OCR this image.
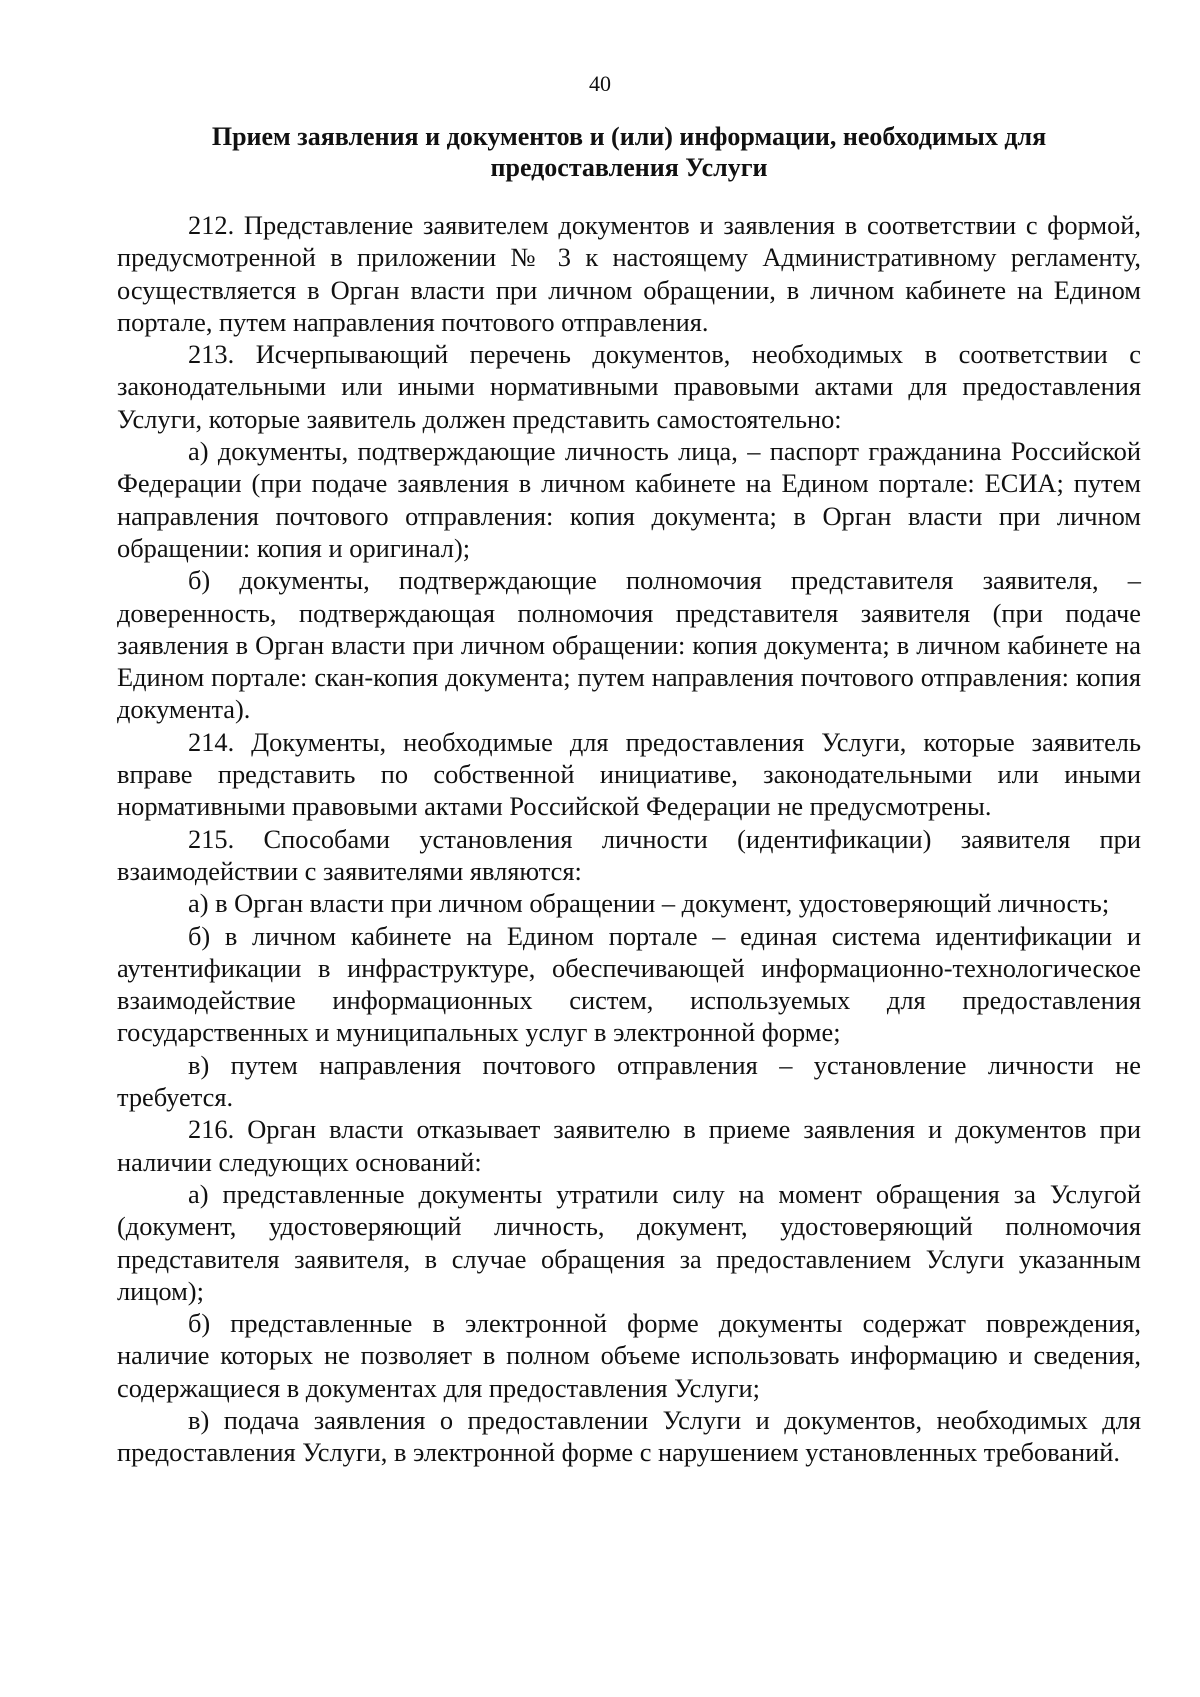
40
Прием заявления и документов и (или) информации, необходимых для предоставления Услуги

212. Представление заявителем документов и заявления в соответствии с формой, предусмотренной в приложении № 3 к настоящему Административному регламенту, осуществляется в Орган власти при личном обращении, в личном кабинете на Едином портале, путем направления почтового отправления.

213. Исчерпывающий перечень документов, необходимых в соответствии с законодательными или иными нормативными правовыми актами для предоставления Услуги, которые заявитель должен представить самостоятельно:

а) документы, подтверждающие личность лица, – паспорт гражданина Российской Федерации (при подаче заявления в личном кабинете на Едином портале: ЕСИА; путем направления почтового отправления: копия документа; в Орган власти при личном обращении: копия и оригинал);

б) документы, подтверждающие полномочия представителя заявителя, – доверенность, подтверждающая полномочия представителя заявителя (при подаче заявления в Орган власти при личном обращении: копия документа; в личном кабинете на Едином портале: скан-копия документа; путем направления почтового отправления: копия документа).

214. Документы, необходимые для предоставления Услуги, которые заявитель вправе представить по собственной инициативе, законодательными или иными нормативными правовыми актами Российской Федерации не предусмотрены.

215. Способами установления личности (идентификации) заявителя при взаимодействии с заявителями являются:

а) в Орган власти при личном обращении – документ, удостоверяющий личность;

б) в личном кабинете на Едином портале – единая система идентификации и аутентификации в инфраструктуре, обеспечивающей информационно-технологическое взаимодействие информационных систем, используемых для предоставления государственных и муниципальных услуг в электронной форме;

в) путем направления почтового отправления – установление личности не требуется.

216. Орган власти отказывает заявителю в приеме заявления и документов при наличии следующих оснований:

а) представленные документы утратили силу на момент обращения за Услугой (документ, удостоверяющий личность, документ, удостоверяющий полномочия представителя заявителя, в случае обращения за предоставлением Услуги указанным лицом);

б) представленные в электронной форме документы содержат повреждения, наличие которых не позволяет в полном объеме использовать информацию и сведения, содержащиеся в документах для предоставления Услуги;

в) подача заявления о предоставлении Услуги и документов, необходимых для предоставления Услуги, в электронной форме с нарушением установленных требований.
